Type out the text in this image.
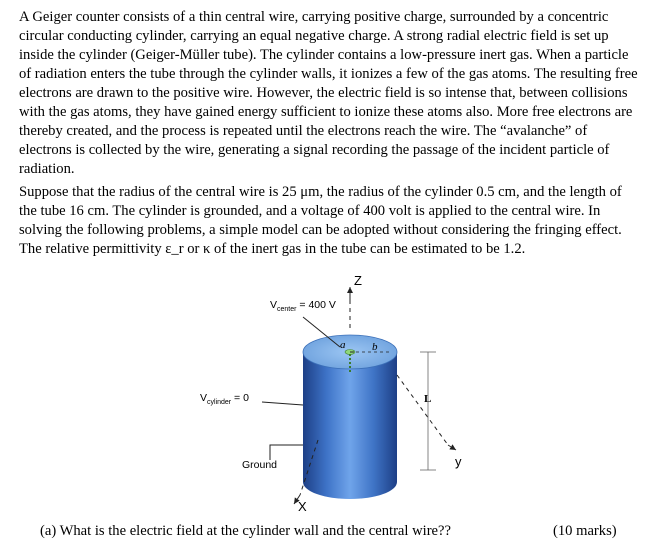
A Geiger counter consists of a thin central wire, carrying positive charge, surrounded by a concentric circular conducting cylinder, carrying an equal negative charge. A strong radial electric field is set up inside the cylinder (Geiger-Müller tube). The cylinder contains a low-pressure inert gas. When a particle of radiation enters the tube through the cylinder walls, it ionizes a few of the gas atoms. The resulting free electrons are drawn to the positive wire. However, the electric field is so intense that, between collisions with the gas atoms, they have gained energy sufficient to ionize these atoms also. More free electrons are thereby created, and the process is repeated until the electrons reach the wire. The “avalanche” of electrons is collected by the wire, generating a signal recording the passage of the incident particle of radiation.

Suppose that the radius of the central wire is 25 μm, the radius of the cylinder 0.5 cm, and the length of the tube 16 cm. The cylinder is grounded, and a voltage of 400 volt is applied to the central wire. In solving the following problems, a simple model can be adopted without considering the fringing effect. The relative permittivity ε_r or κ of the inert gas in the tube can be estimated to be 1.2.

Z
y
X
$V_{center} = 400$ V
$V_{cylinder} = 0$
a b
L
Ground
(a) What is the electric field at the cylinder wall and the central wire??	(10 marks)
